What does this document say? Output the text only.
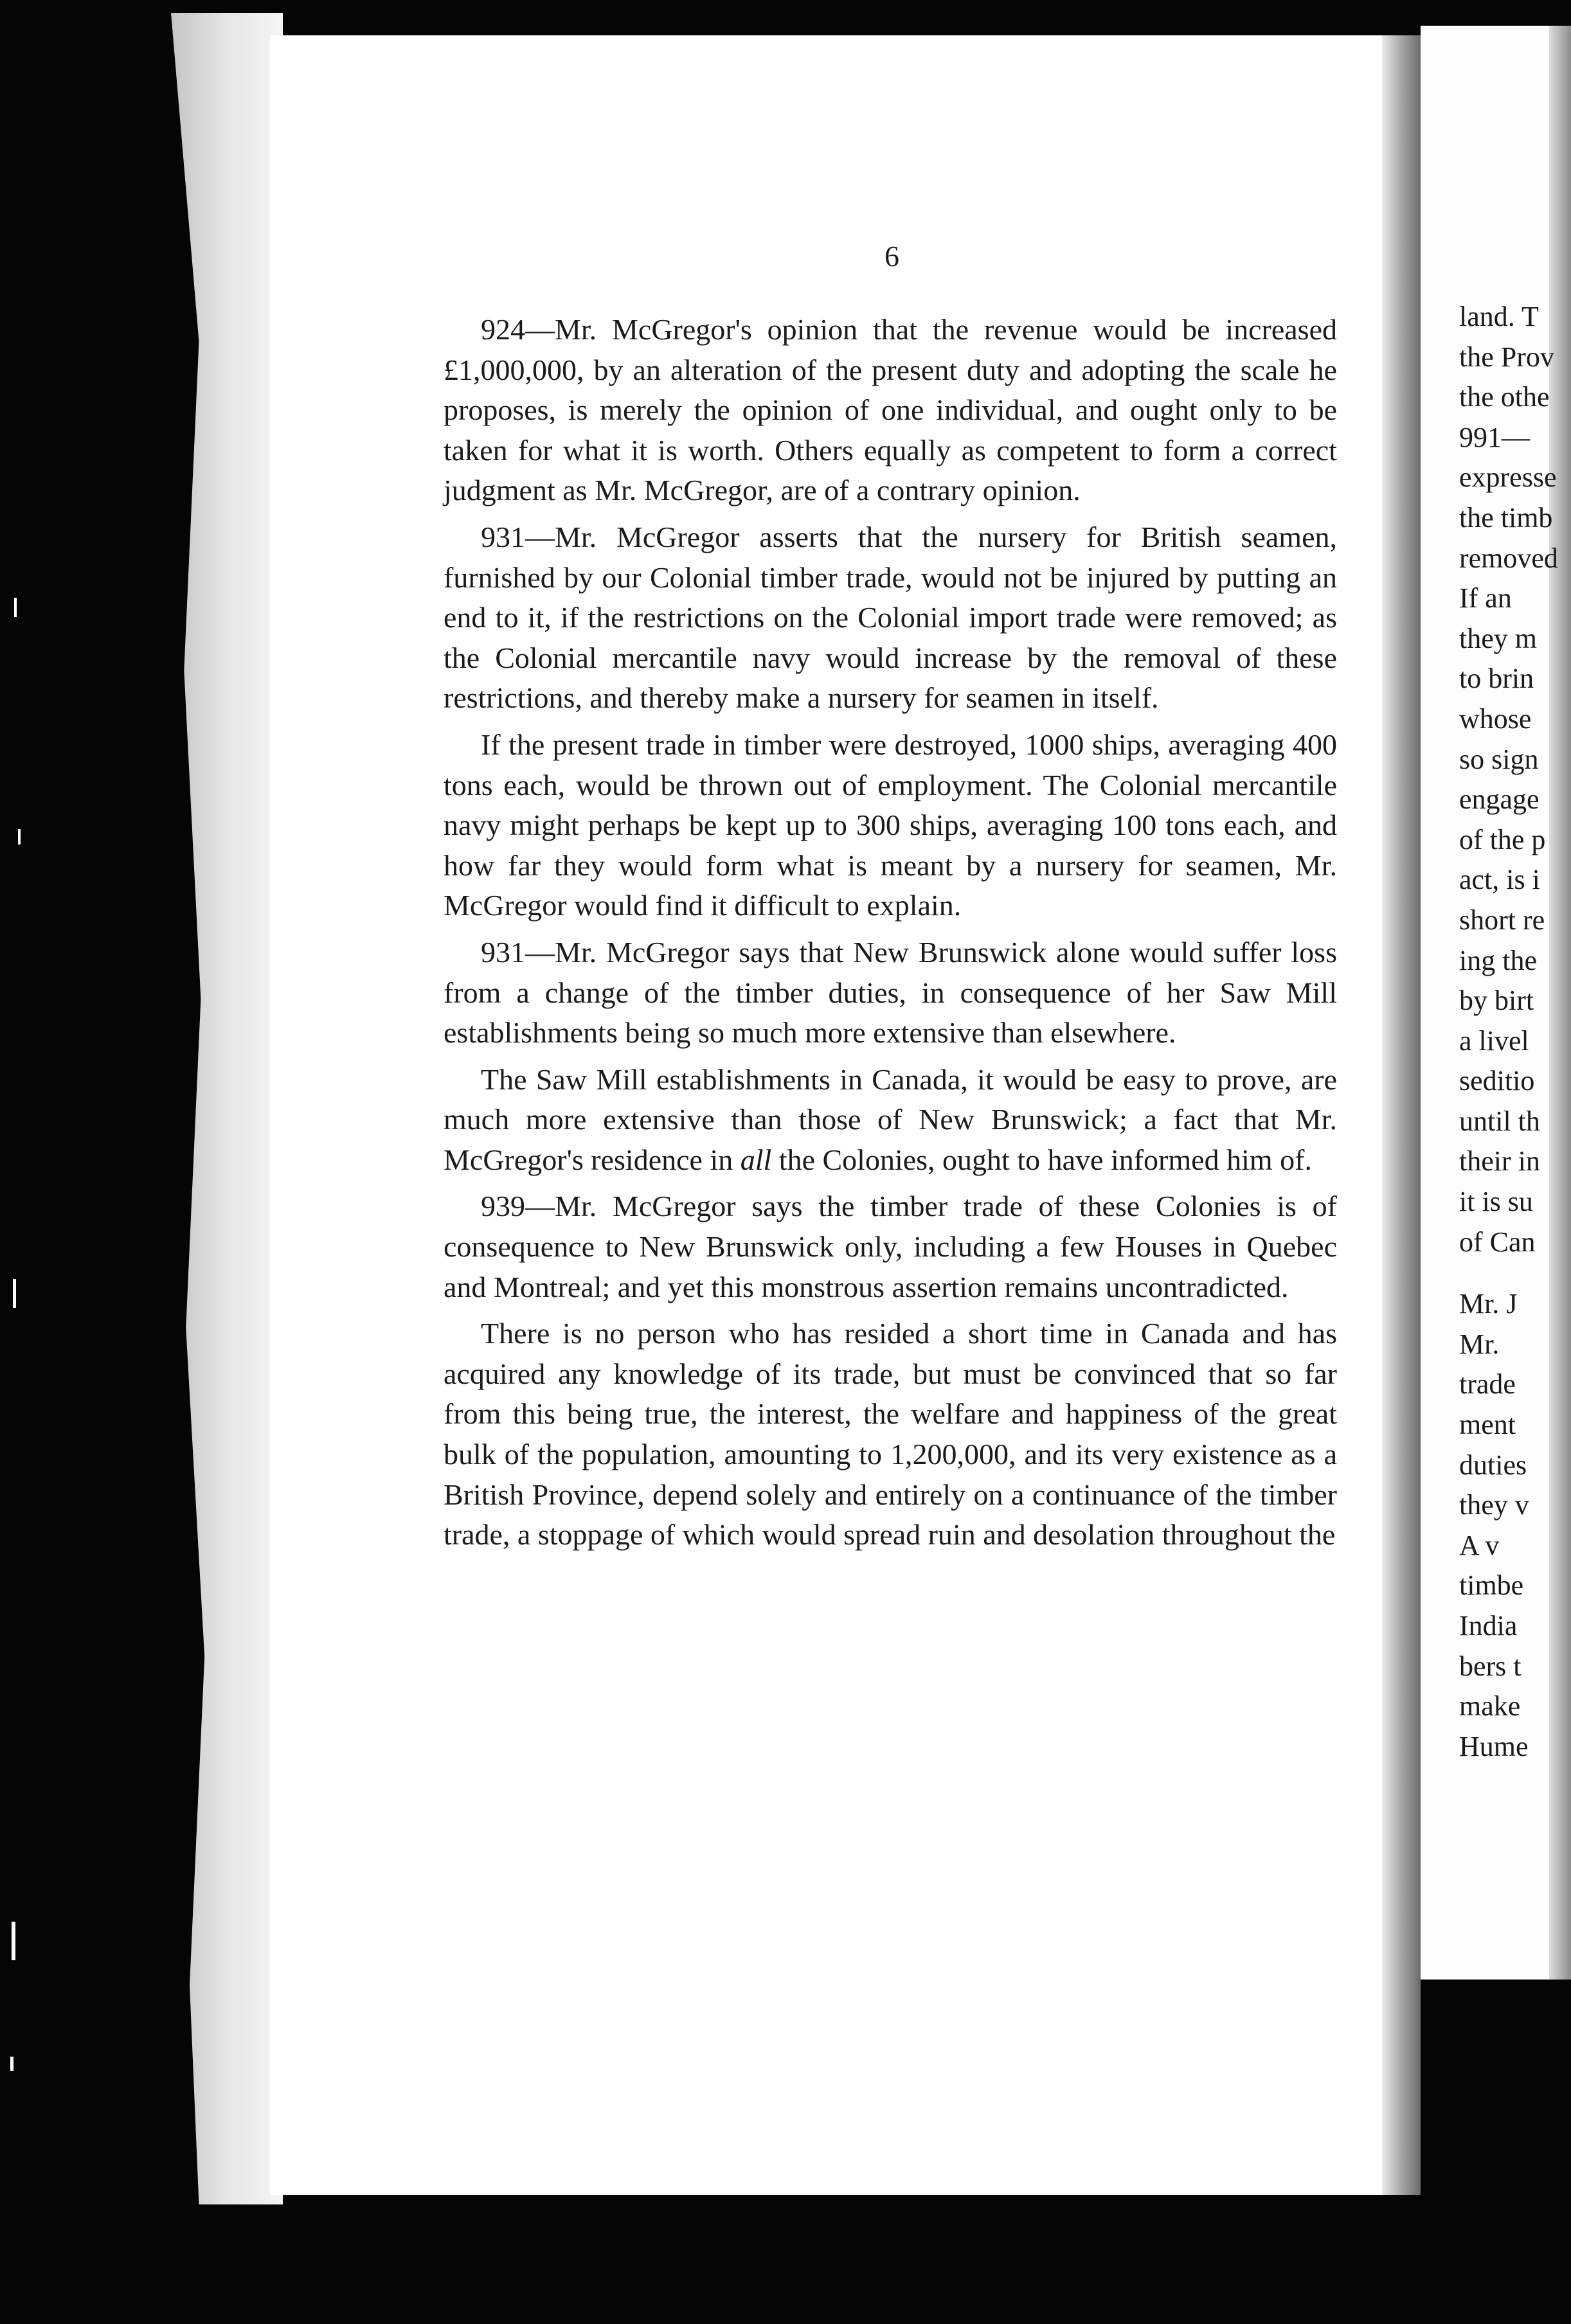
6

924—Mr. McGregor's opinion that the revenue would be increased £1,000,000, by an alteration of the present duty and adopting the scale he proposes, is merely the opinion of one individual, and ought only to be taken for what it is worth. Others equally as competent to form a correct judgment as Mr. McGregor, are of a contrary opinion.

931—Mr. McGregor asserts that the nursery for British seamen, furnished by our Colonial timber trade, would not be injured by putting an end to it, if the restrictions on the Colonial import trade were removed; as the Colonial mercantile navy would increase by the removal of these restrictions, and thereby make a nursery for seamen in itself.

If the present trade in timber were destroyed, 1000 ships, averaging 400 tons each, would be thrown out of employment. The Colonial mercantile navy might perhaps be kept up to 300 ships, averaging 100 tons each, and how far they would form what is meant by a nursery for seamen, Mr. McGregor would find it difficult to explain.

931—Mr. McGregor says that New Brunswick alone would suffer loss from a change of the timber duties, in consequence of her Saw Mill establishments being so much more extensive than elsewhere.

The Saw Mill establishments in Canada, it would be easy to prove, are much more extensive than those of New Brunswick; a fact that Mr. McGregor's residence in all the Colonies, ought to have informed him of.

939—Mr. McGregor says the timber trade of these Colonies is of consequence to New Brunswick only, including a few Houses in Quebec and Montreal; and yet this monstrous assertion remains uncontradicted.

There is no person who has resided a short time in Canada and has acquired any knowledge of its trade, but must be convinced that so far from this being true, the interest, the welfare and happiness of the great bulk of the population, amounting to 1,200,000, and its very existence as a British Province, depend solely and entirely on a continuance of the timber trade, a stoppage of which would spread ruin and desolation throughout the

land. T
the Prov
the othe
991—
expresse
the timb
removed
If an
they m
to brin
whose
so sign
engage
of the p
act, is i
short re
ing the
by birt
a livel
seditio
until th
their in
it is su
of Can
Mr. J
Mr.
trade
ment
duties
they v
A v
timbe
India
bers t
make
Hume
